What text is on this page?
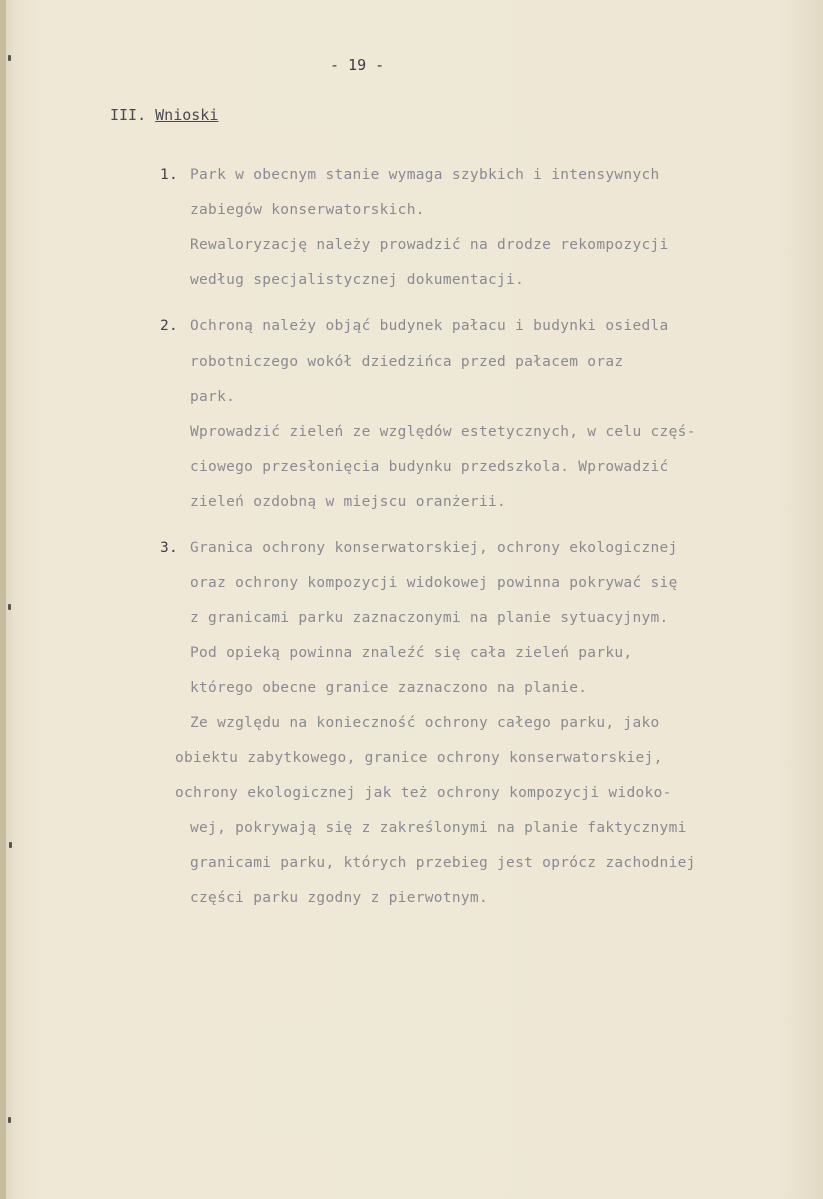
- 19 -
III. Wnioski
1. Park w obecnym stanie wymaga szybkich i intensywnych
zabiegów konserwatorskich.
Rewaloryzację należy prowadzić na drodze rekompozycji
według specjalistycznej dokumentacji.
2. Ochroną należy objąć budynek pałacu i budynki osiedla
robotniczego wokół dziedzińca przed pałacem oraz
park.
Wprowadzić zieleń ze względów estetycznych, w celu częś-
ciowego przesłonięcia budynku przedszkola. Wprowadzić
zieleń ozdobną w miejscu oranżerii.
3. Granica ochrony konserwatorskiej, ochrony ekologicznej
oraz ochrony kompozycji widokowej powinna pokrywać się
z granicami parku zaznaczonymi na planie sytuacyjnym.
Pod opieką powinna znaleźć się cała zieleń parku,
którego obecne granice zaznaczono na planie.
Ze względu na konieczność ochrony całego parku, jako
obiektu zabytkowego, granice ochrony konserwatorskiej,
ochrony ekologicznej jak też ochrony kompozycji widoko-
wej, pokrywają się z zakreślonymi na planie faktycznymi
granicami parku, których przebieg jest oprócz zachodniej
części parku zgodny z pierwotnym.
